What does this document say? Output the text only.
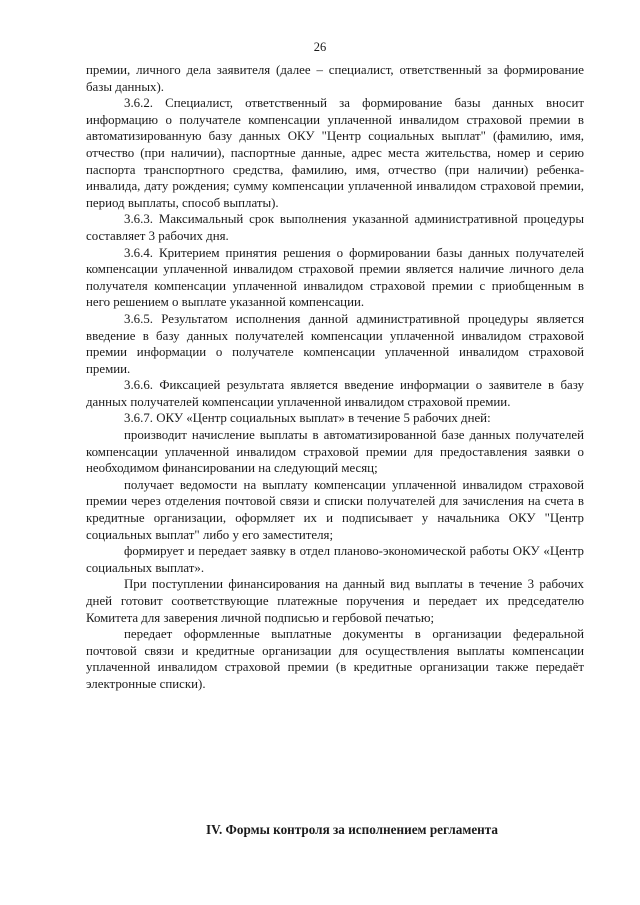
26

премии, личного дела заявителя (далее – специалист, ответственный за формирование базы данных).

3.6.2. Специалист, ответственный за формирование базы данных вносит информацию о получателе компенсации уплаченной инвалидом страховой премии в автоматизированную базу данных ОКУ "Центр социальных выплат" (фамилию, имя, отчество (при наличии), паспортные данные, адрес места жительства, номер и серию паспорта транспортного средства, фамилию, имя, отчество (при наличии) ребенка-инвалида, дату рождения; сумму компенсации уплаченной инвалидом страховой премии, период выплаты, способ выплаты).

3.6.3. Максимальный срок выполнения указанной административной процедуры составляет 3 рабочих дня.

3.6.4. Критерием принятия решения о формировании базы данных получателей компенсации уплаченной инвалидом страховой премии является наличие личного дела получателя компенсации уплаченной инвалидом страховой премии с приобщенным в него решением о выплате указанной компенсации.

3.6.5. Результатом исполнения данной административной процедуры является введение в базу данных получателей компенсации уплаченной инвалидом страховой премии информации о получателе компенсации уплаченной инвалидом страховой премии.

3.6.6. Фиксацией результата является введение информации о заявителе в базу данных получателей компенсации уплаченной инвалидом страховой премии.

3.6.7. ОКУ «Центр социальных выплат» в течение 5 рабочих дней:

производит начисление выплаты в автоматизированной базе данных получателей компенсации уплаченной инвалидом страховой премии для предоставления заявки о необходимом финансировании на следующий месяц;

получает ведомости на выплату компенсации уплаченной инвалидом страховой премии через отделения почтовой связи и списки получателей для зачисления на счета в кредитные организации, оформляет их и подписывает у начальника ОКУ "Центр социальных выплат" либо у его заместителя;

формирует и передает заявку в отдел планово-экономической работы ОКУ «Центр социальных выплат».

При поступлении финансирования на данный вид выплаты в течение 3 рабочих дней готовит соответствующие платежные поручения и передает их председателю Комитета для заверения личной подписью и гербовой печатью;

передает оформленные выплатные документы в организации федеральной почтовой связи и кредитные организации для осуществления выплаты компенсации уплаченной инвалидом страховой премии (в кредитные организации также передаёт электронные списки).

IV. Формы контроля за исполнением регламента
